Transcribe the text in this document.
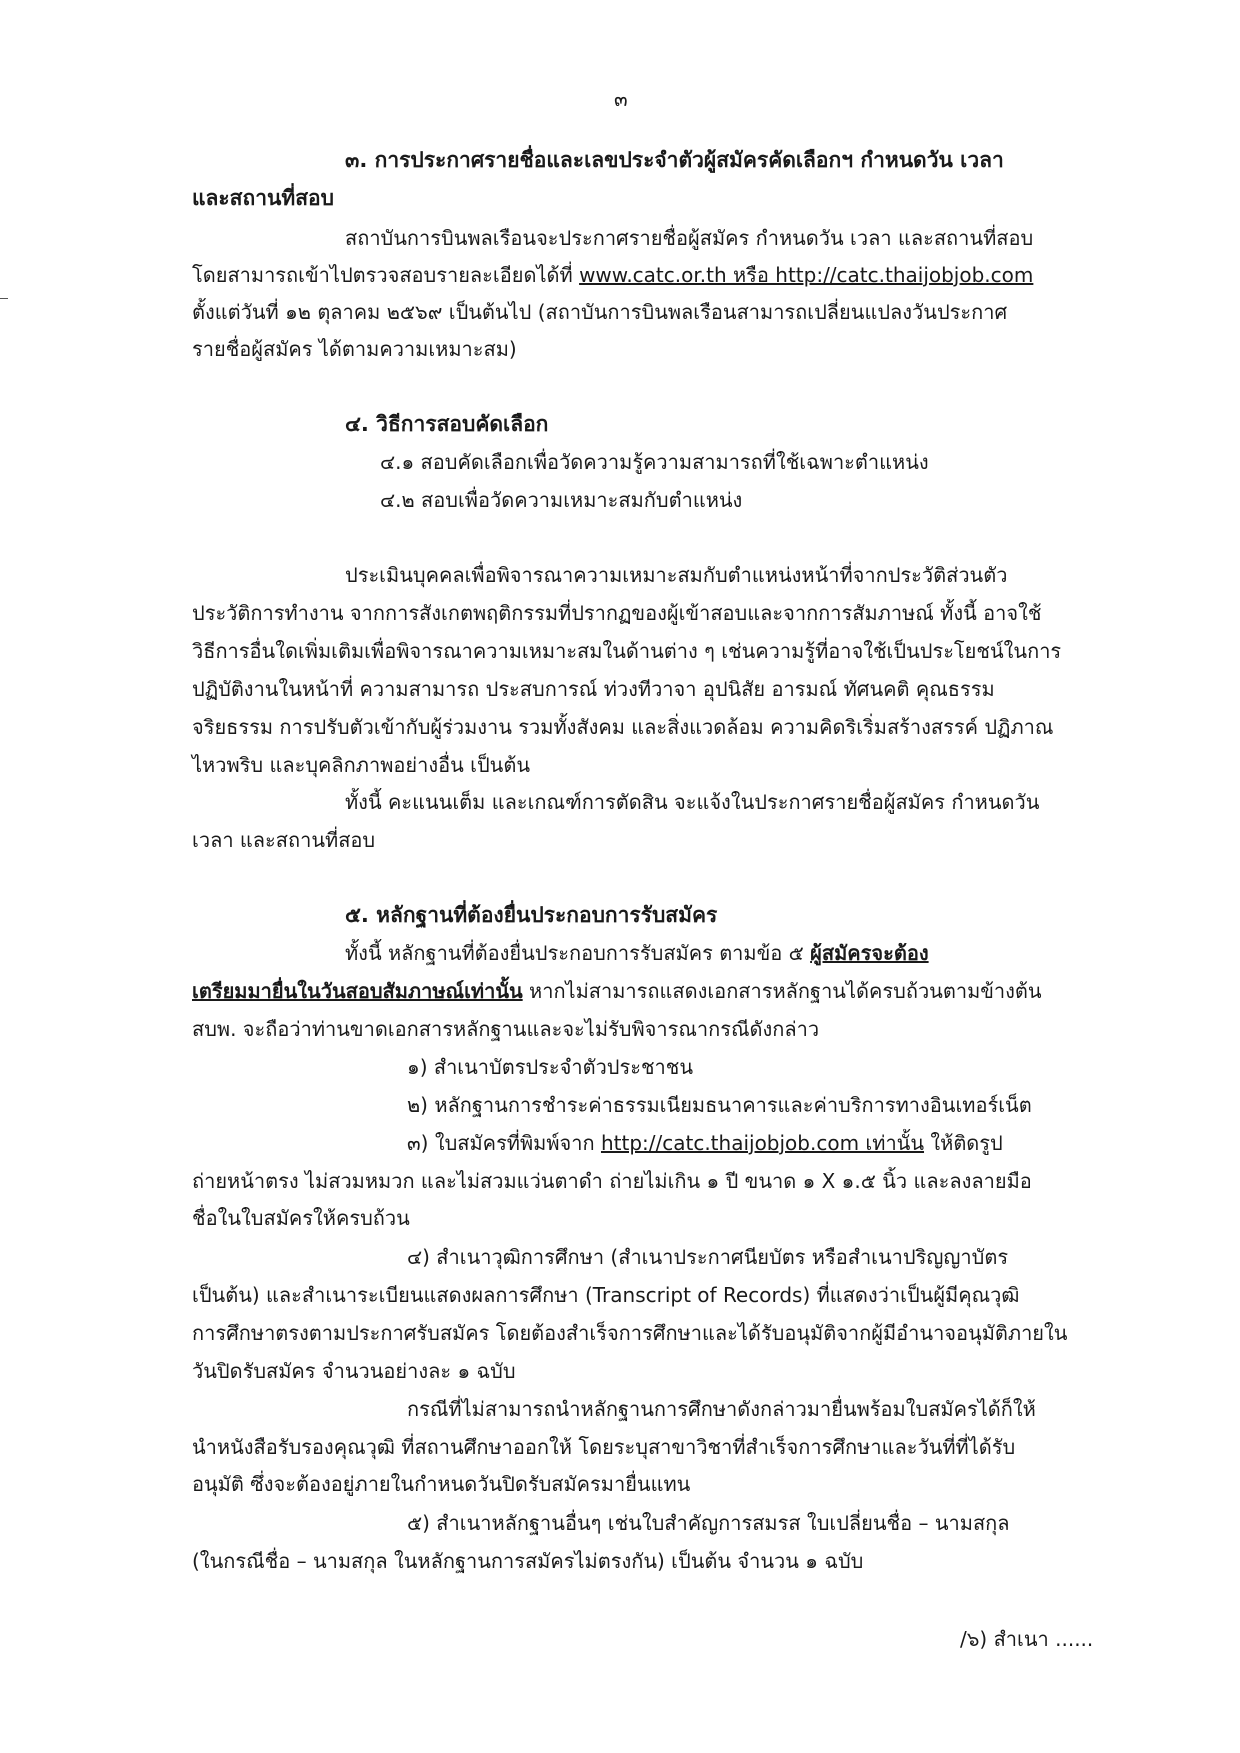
๓
๓. การประกาศรายชื่อและเลขประจำตัวผู้สมัครคัดเลือกฯ กำหนดวัน เวลา
และสถานที่สอบ
สถาบันการบินพลเรือนจะประกาศรายชื่อผู้สมัคร กำหนดวัน เวลา และสถานที่สอบ
โดยสามารถเข้าไปตรวจสอบรายละเอียดได้ที่ www.catc.or.th หรือ http://catc.thaijobjob.com
ตั้งแต่วันที่ ๑๒ ตุลาคม ๒๕๖๙ เป็นต้นไป (สถาบันการบินพลเรือนสามารถเปลี่ยนแปลงวันประกาศ
รายชื่อผู้สมัคร ได้ตามความเหมาะสม)
๔. วิธีการสอบคัดเลือก
๔.๑ สอบคัดเลือกเพื่อวัดความรู้ความสามารถที่ใช้เฉพาะตำแหน่ง
๔.๒ สอบเพื่อวัดความเหมาะสมกับตำแหน่ง
ประเมินบุคคลเพื่อพิจารณาความเหมาะสมกับตำแหน่งหน้าที่จากประวัติส่วนตัว
ประวัติการทำงาน จากการสังเกตพฤติกรรมที่ปรากฏของผู้เข้าสอบและจากการสัมภาษณ์ ทั้งนี้ อาจใช้
วิธีการอื่นใดเพิ่มเติมเพื่อพิจารณาความเหมาะสมในด้านต่าง ๆ เช่นความรู้ที่อาจใช้เป็นประโยชน์ในการ
ปฏิบัติงานในหน้าที่ ความสามารถ ประสบการณ์ ท่วงทีวาจา อุปนิสัย อารมณ์ ทัศนคติ คุณธรรม
จริยธรรม การปรับตัวเข้ากับผู้ร่วมงาน รวมทั้งสังคม และสิ่งแวดล้อม ความคิดริเริ่มสร้างสรรค์ ปฏิภาณ
ไหวพริบ และบุคลิกภาพอย่างอื่น เป็นต้น
ทั้งนี้ คะแนนเต็ม และเกณฑ์การตัดสิน จะแจ้งในประกาศรายชื่อผู้สมัคร กำหนดวัน
เวลา และสถานที่สอบ
๕. หลักฐานที่ต้องยื่นประกอบการรับสมัคร
ทั้งนี้ หลักฐานที่ต้องยื่นประกอบการรับสมัคร ตามข้อ ๕ ผู้สมัครจะต้อง
เตรียมมายื่นในวันสอบสัมภาษณ์เท่านั้น หากไม่สามารถแสดงเอกสารหลักฐานได้ครบถ้วนตามข้างต้น
สบพ. จะถือว่าท่านขาดเอกสารหลักฐานและจะไม่รับพิจารณากรณีดังกล่าว
๑) สำเนาบัตรประจำตัวประชาชน
๒) หลักฐานการชำระค่าธรรมเนียมธนาคารและค่าบริการทางอินเทอร์เน็ต
๓) ใบสมัครที่พิมพ์จาก http://catc.thaijobjob.com เท่านั้น ให้ติดรูป
ถ่ายหน้าตรง ไม่สวมหมวก และไม่สวมแว่นตาดำ ถ่ายไม่เกิน ๑ ปี ขนาด ๑ X ๑.๕ นิ้ว และลงลายมือ
ชื่อในใบสมัครให้ครบถ้วน
๔) สำเนาวุฒิการศึกษา (สำเนาประกาศนียบัตร หรือสำเนาปริญญาบัตร
เป็นต้น) และสำเนาระเบียนแสดงผลการศึกษา (Transcript of Records) ที่แสดงว่าเป็นผู้มีคุณวุฒิ
การศึกษาตรงตามประกาศรับสมัคร โดยต้องสำเร็จการศึกษาและได้รับอนุมัติจากผู้มีอำนาจอนุมัติภายใน
วันปิดรับสมัคร จำนวนอย่างละ ๑ ฉบับ
กรณีที่ไม่สามารถนำหลักฐานการศึกษาดังกล่าวมายื่นพร้อมใบสมัครได้ก็ให้
นำหนังสือรับรองคุณวุฒิ ที่สถานศึกษาออกให้ โดยระบุสาขาวิชาที่สำเร็จการศึกษาและวันที่ที่ได้รับ
อนุมัติ ซึ่งจะต้องอยู่ภายในกำหนดวันปิดรับสมัครมายื่นแทน
๕) สำเนาหลักฐานอื่นๆ เช่นใบสำคัญการสมรส ใบเปลี่ยนชื่อ – นามสกุล
(ในกรณีชื่อ – นามสกุล ในหลักฐานการสมัครไม่ตรงกัน) เป็นต้น จำนวน ๑ ฉบับ
/๖) สำเนา ......
